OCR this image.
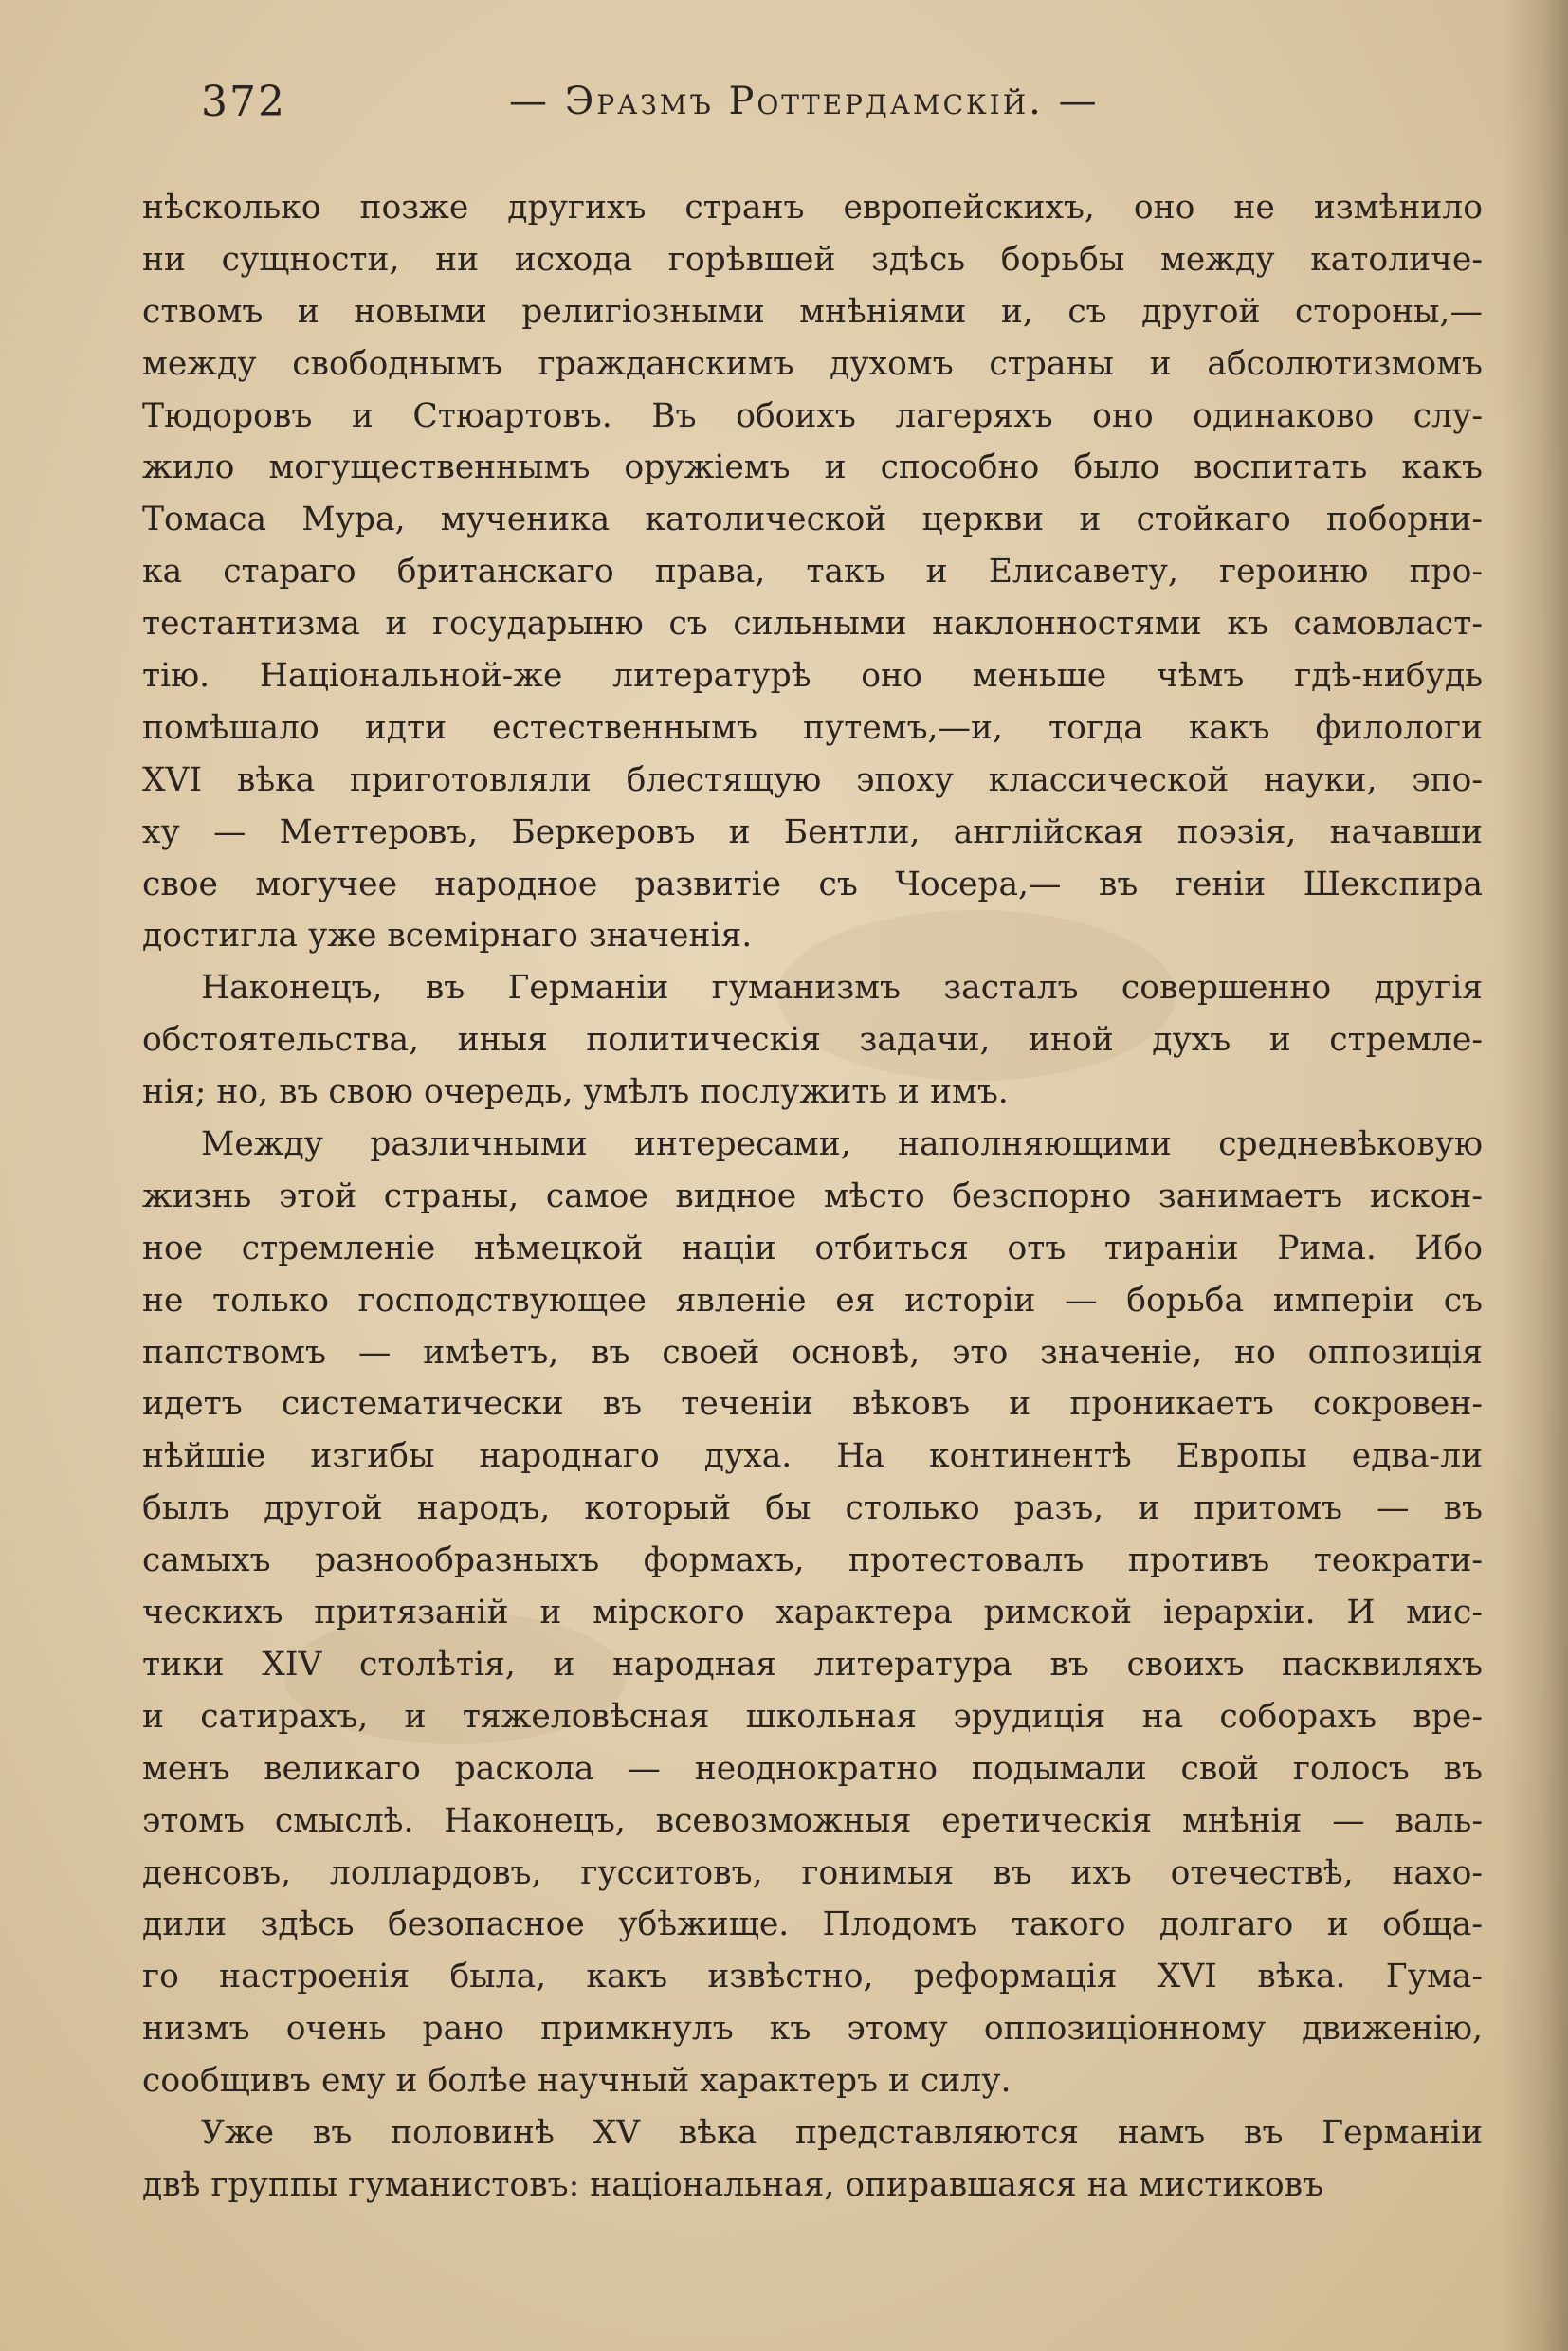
372	— Эразмъ Роттердамскій. —
нѣсколько позже другихъ странъ европейскихъ, оно не измѣнило
ни сущности, ни исхода горѣвшей здѣсь борьбы между католиче-
ствомъ и новыми религіозными мнѣніями и, съ другой стороны,—
между свободнымъ гражданскимъ духомъ страны и абсолютизмомъ
Тюдоровъ и Стюартовъ. Въ обоихъ лагеряхъ оно одинаково слу-
жило могущественнымъ оружіемъ и способно было воспитать какъ
Томаса Мура, мученика католической церкви и стойкаго поборни-
ка стараго британскаго права, такъ и Елисавету, героиню про-
тестантизма и государыню съ сильными наклонностями къ самовласт-
тію. Національной-же литературѣ оно меньше чѣмъ гдѣ-нибудь
помѣшало идти естественнымъ путемъ,—и, тогда какъ филологи
XVI вѣка приготовляли блестящую эпоху классической науки, эпо-
ху — Меттеровъ, Беркеровъ и Бентли, англійская поэзія, начавши
свое могучее народное развитіе съ Чосера,— въ геніи Шекспира
достигла уже всемірнаго значенія.
Наконецъ, въ Германіи гуманизмъ засталъ совершенно другія
обстоятельства, иныя политическія задачи, иной духъ и стремле-
нія; но, въ свою очередь, умѣлъ послужить и имъ.
Между различными интересами, наполняющими средневѣковую
жизнь этой страны, самое видное мѣсто безспорно занимаетъ искон-
ное стремленіе нѣмецкой націи отбиться отъ тираніи Рима. Ибо
не только господствующее явленіе ея исторіи — борьба имперіи съ
папствомъ — имѣетъ, въ своей основѣ, это значеніе, но оппозиція
идетъ систематически въ теченіи вѣковъ и проникаетъ сокровен-
нѣйшіе изгибы народнаго духа. На континентѣ Европы едва-ли
былъ другой народъ, который бы столько разъ, и притомъ — въ
самыхъ разнообразныхъ формахъ, протестовалъ противъ теократи-
ческихъ притязаній и мірского характера римской іерархіи. И мис-
тики XIV столѣтія, и народная литература въ своихъ пасквиляхъ
и сатирахъ, и тяжеловѣсная школьная эрудиція на соборахъ вре-
менъ великаго раскола — неоднократно подымали свой голосъ въ
этомъ смыслѣ. Наконецъ, всевозможныя еретическія мнѣнія — валь-
денсовъ, лоллардовъ, гусситовъ, гонимыя въ ихъ отечествѣ, нахо-
дили здѣсь безопасное убѣжище. Плодомъ такого долгаго и обща-
го настроенія была, какъ извѣстно, реформація XVI вѣка. Гума-
низмъ очень рано примкнулъ къ этому оппозиціонному движенію,
сообщивъ ему и болѣе научный характеръ и силу.
Уже въ половинѣ XV вѣка представляются намъ въ Германіи
двѣ группы гуманистовъ: національная, опиравшаяся на мистиковъ
